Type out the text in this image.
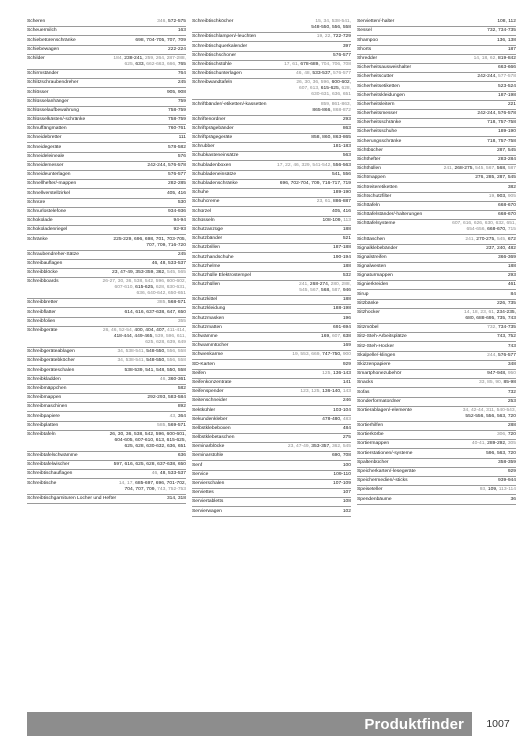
Scheren	346, 572-575
Scheuermilch	163
Schiebetürenschränke	698, 704-705, 707, 709
Schiebewagen	222-224
Schilder	184, 238-241, 259, 264, 287-288,
625, 633, 662-663, 666, 765
Schirmständer	764
Schlitzschraubendreher	245
Schlösser	905, 908
Schlüsselanhänger	759
Schlüsselaufbewahrung	758-759
Schlüsselkästen/-schränke	758-759
Schnuffängmatten	760-761
Schneidebretter	111
Schneidegeräte	578-582
Schneideleineale	576
Schneidemesser	242-244, 576-578
Schneideunterlagen	576-577
Schnellhefter/-mappen	282-285
Schnellverstellzirkel	405, 416
Schnüre	530
Schnurlostelefone	934-936
Schokolade	94-94
Schokoladenriegel	92-93
Schränke	225-229, 696, 698, 701, 703-705,
707, 709, 716-720
Schraubendreher-Sätze	245
Schreibauflagen	46, 48, 533-537
Schreibblöcke	23, 47-49, 353-359, 362, 545, 565
Schreibboards	26-27, 30, 36, 538, 542, 596, 600-602,
607-610, 615-625, 628, 630-631,
636, 640-642, 650-651
Schreibbretter	385, 568-571
Schreibflatter	614, 616, 637-638, 647, 650
Schreibfolien	355
Schreibgeräte	26, 46, 52-54, 400, 404, 407, 411-414,
418-444, 449-465, 539, 596, 611,
625, 628, 639, 649
Schreibgeräteablagen	34, 538-541, 548-550, 556, 558
Schreibgerätebköcher	34, 538-541, 548-550, 556, 558
Schreibgeräteschalen	538-539, 541, 548, 550, 558
Schreibkladden	46, 360-361
Schreibmäppchen	582
Schreibmappen	292-293, 583-584
Schreibmaschinen	892
Schreibpapiere	43, 364
Schreibplatten	585, 569-571
Schreibtafeln	26, 30, 36, 538, 542, 596, 600-601,
604-605, 607-610, 613, 615-625,
625, 628, 630-632, 636, 651
Schreibtafelschwämme	636
Schreibtafelwischer	597, 616, 625, 628, 637-638, 650
Schreibtischauflagen	46, 48, 533-537
Schreibtische	14, 17, 685-697, 696, 701-702,
704, 707, 709, 743, 752-753
Schreibtischgarnituren Locher und Hefter	314, 318
Schreibtischköcher	15, 34, 538-541,
548-550, 556, 558
Schreibtischlampen/-leuchten	19, 22, 722-729
Schreibtischquerkalender	397
Schreibtischschoner	576-577
Schreibtischstühle	17, 61, 678-689, 704, 706, 708
Schreibtischunterlagen	46, 48, 533-537, 576-577
Schreibwandtafeln	26, 30, 36, 596, 600-602,
607, 613, 615-625, 628,
630-631, 636, 651
Schriftbänder/-etiketten/-kassetten	859, 861-863,
865-866, 868-872
Schriftenordner	293
Schriftprägebänder	863
Schriftprägegeräte	858, 860, 863-865
Schrubber	181-183
Schubkasteneinsätze	563
Schubladenboxen	17, 22, 46, 329, 541-542, 556-563
Schubladeneinsätze	541, 556
Schubladenschränke	696, 702-704, 709, 716-717, 719
Schuhe	189-190
Schuhcreme	23, 61, 886-887
Schürzel	405, 416
Schüsseln	108-109, 113
Schutzanzüge	188
Schutzbänder	521
Schutzbrillen	187-188
Schutzhandschuhe	190-194
Schutzhelme	188
Schutzhülle Elektrostempel	532
Schutzhüllen	241, 268-274, 280, 288,
545, 567, 568, 587, 946
Schutzkittel	188
Schutzkleidung	188-198
Schutzmasken	196
Schutzmatten	691-694
Schwämme	169, 607, 638
Schwammtücher	169
Schwenkarme	19, 553, 669, 747-750, 900
SD-Karten	929
Seifen	125, 136-143
Seifenkonzentrate	141
Seifenspender	123, 125, 136-140, 143
Seitenschneider	246
Sektkühler	103-104
Sekundenkleber	478-480, 483
Selbstklebeboxen	484
Selbstklebetaschen	275
Seminarblöcke	23, 47-49, 353-357, 362, 545
Seminarstühle	690, 708
Senf	100
Service	109-110
Servierschalen	107-109
Serviettes	107
Serviertabletts	108
Servierwagen	102
Servietten/-halter	108, 112
Sessel	732, 734-735
Shampoo	136, 138
Shorts	187
Shredder	14, 18, 62, 819-842
Sicherheitsausweishalter	663-666
Sicherheitscutter	242-244, 577-578
Sicherheitsetiketten	523-524
Sicherheitskleidungen	187-198
Sicherheitsleitern	221
Sicherheitsmesser	242-244, 576-578
Sicherheitsschränke	718, 757-758
Sicherheitsschuhe	189-190
Sicherungsschränke	718, 757-758
Sichtbücher	287, 545
Sichthefter	283-284
Sichthüllen	241, 268-275, 545, 567, 568, 587
Sichtmappen	276, 285, 287, 545
Sichtreiteretiketten	382
Sichtschutzfilter	19, 903, 905
Sichttafeln	668-670
Sichttafelständer/-halterungen	668-670
Sichttafelsysteme	607, 616, 626, 630, 632, 651,
654-656, 668-670, 715
Sichttaschen	241, 270-275, 545, 672
Signalklebebänder	237, 240, 482
Signalstreifen	366-369
Signalwesten	188
Signaturmappen	293
Signierkreiden	461
Sirup	84
Sitzbänke	226, 735
Sitzhocker	14, 18, 23, 61, 234-235,
680, 688-695, 735, 743
Sitzmöbel	732, 734-735
Sitz-Steh-Arbeitsplätze	743, 752
Sitz-Steh-Hocker	743
Skalpelle/-klingen	244, 576-577
Skizzenpapiere	348
Smartphonezubehör	947-948, 950
Snacks	33, 85, 90, 85-98
Sofas	732
Sonderformatordner	253
Sortierablagen/-elemente	34, 42-44, 311, 540-543,
552-556, 556, 563, 720
Sortierhilfen	288
Sortierkörbe	306, 720
Sortiermappen	40-41, 289-292, 305
Sortierstationen/-systeme	596, 563, 720
Spaltenbücher	358-359
Speicherkarten/-lesegeräte	929
Speichermedien/-sticks	939-944
Speiseteller	93, 109, 113-114
Spendenbäume	36
Produktfinder	1007
